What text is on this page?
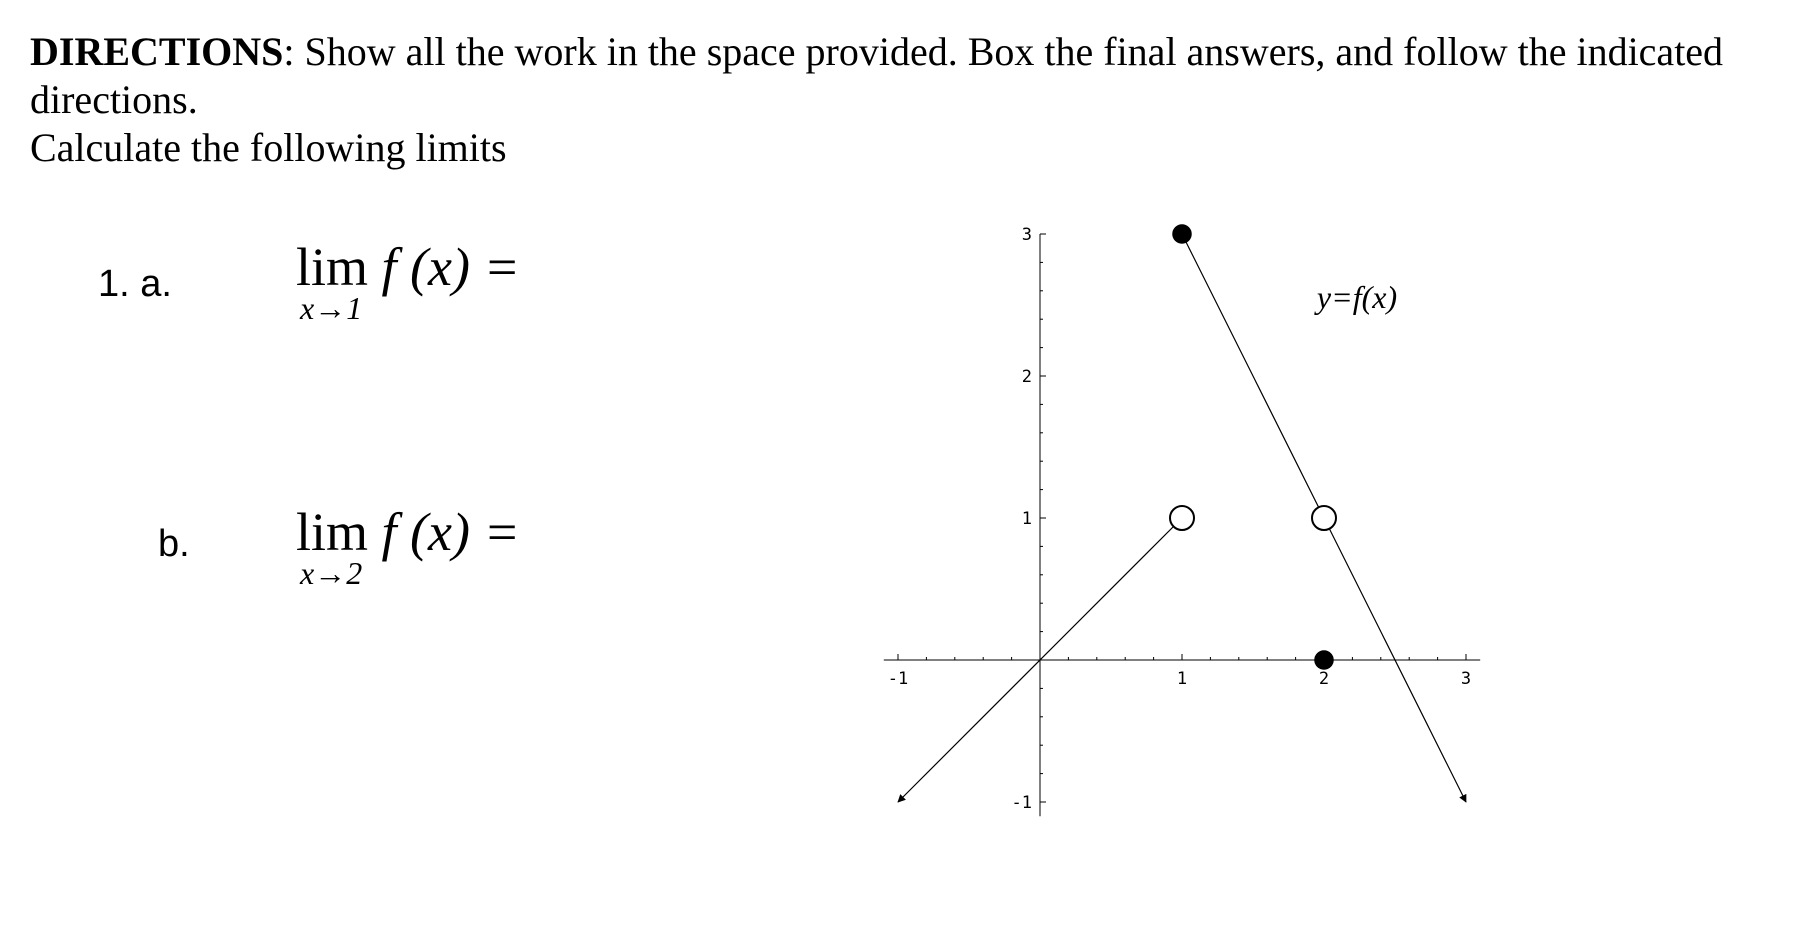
DIRECTIONS: Show all the work in the space provided. Box the final answers, and follow the indicated directions.
Calculate the following limits
1. a. lim f (x) =
x→1
b. lim f (x) =
x→2
-1	1	2	3
3
2
1
-1
y=f(x)
